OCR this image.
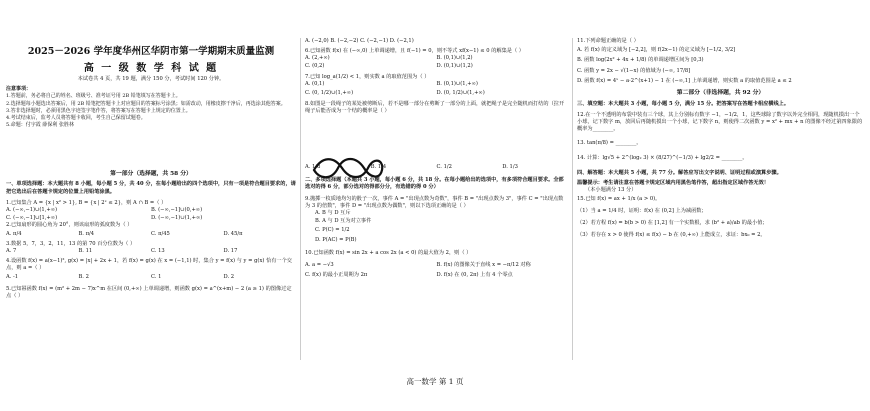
2025－2026 学年度华州区华阴市第一学期期末质量监测
高 一 级 数 学 科 试 题
本试卷共 4 页，共 19 题，满分 150 分，考试时间 120 分钟。
注意事项：
1.答题前，务必将自己的姓名、班级号、准考证号用 2B 铅笔填写在答题卡上。
2.选择题每小题选出答案后，用 2B 铅笔把答题卡上对应题目的答案标号涂黑；如需改动，用橡皮擦干净后，再选涂其他答案。
3.答非选择题时，必须用黑色字迹签字笔作答，将答案写在答题卡上规定的位置上。
4.考试结束后，监考人员将答题卡收回，考生自己保留试题卷。
5.命题：付宇霞 薛保利 张胜林
第一部分（选择题，共 58 分）
一、单项选择题：本大题共有 8 小题，每小题 5 分，共 40 分，在每小题给出的四个选项中，只有一项是符合题目要求的，请把它选出后在答题卡规定的位置上用铅笔涂黑。
1.已知集合 A = {x | x² > 1}, B = {x | 2ˣ ≤ 2}，则 A ∩ B =（ ）
A. (−∞,−1)∪(1,+∞)	B. (−∞,−1]∪(0,+∞)
C. (−∞,−1]∪[1,+∞)	D. (−∞,−1)∪(1,+∞)
2.已知扇形的圆心角为 20°，则该扇形的弧度数为（ ）
A. π/4	B. π/4	C. π/45	D. 45/π
3.数据 5，7，3，2，11，13 的第 70 百分位数为（ ）
A. 7	B. 11	C. 13	D. 17
4.设函数 f(x) = a(x−1)², g(x) = |x| + 2x + 1，若 f(x) = g(x) 在 x = (−1,1) 时，集合 y = f(x) 与 y = g(x) 恰有一个交点，则 a =（ ）
A. -1	B. 2	C. 1	D. 2
5.已知幂函数 f(x) = (m² + 2m − 7)x^m 在区间 (0,+∞) 上单调递增，则函数 g(x) = a^(x+m) − 2 (a ≥ 1) 的图像过定点（ ）
A. (−2,0) B. (−2,−2) C. (−2,−1) D. (−2,1)
6.已知函数 f(x) 在 (−∞,0) 上单调递增，且 f(−1) = 0，则不等式 xf(x−1) ≤ 0 的解集是（ ）
A. (2,+∞)	B. (0,1)∪(1,2)
C. (0,2)	D. (0,1)∪(1,2)
7.已知 log_a(1/2) < 1，则实数 a 的取值范围为（ ）
A. (0,1)	B. (0,1)∪(1,+∞)
C. (0, 1/2)∪(1,+∞)	D. (0, 1/2)∪(1,+∞)
8.如图是一段绳子的某处被剪断后，若不是哪一部分在剪断了一部分的上面，就把绳子是完全随机而打结的（拉开绳子后能否成为一个结的概率是（ ）
A. 1/8	B. 1/4	C. 1/2	D. 1/3
二、多项选择题（本题共 3 小题，每小题 6 分，共 18 分。在每小题给出的选项中，有多项符合题目要求。全部选对的得 6 分，部分选对的得部分分，有选错的得 0 分）
9.抛掷一枚质地均匀的骰子一次，事件 A = "出现点数为奇数"，事件 B = "出现点数为 3"，事件 C = "出现点数为 3 的倍数"，事件 D = "出现点数为偶数"，则以下选项正确的是（ ）
A. B 与 D 互斥
B. A 与 D 互为对立事件
C. P(C) = 1/2
D. P(AC) = P(B)
10.已知函数 f(x) = sin 2x + a cos 2x (a < 0) 的最大值为 2，则（ ）
A. a = −√3	B. f(x) 的图像关于直线 x = −π/12 对称
C. f(x) 的最小正周期为 2π	D. f(x) 在 (0, 2π) 上有 4 个零点
11.下列命题正确的是（ ）
A. 若 f(x) 的定义域为 [−2,2]，则 f(2x−1) 的定义域为 [−1/2, 3/2]
B. 函数 log(2x² + 4x + 1/8) 的单调递增区间为 [0,3)
C. 函数 y = 2x − √(1−x) 的值域为 (−∞, 17/8]
D. 函数 f(x) = 4ˣ − a·2^(x+1) − 1 在 (−∞,1] 上单调递增，则实数 a 的取值范围是 a ≤ 2
第二部分（非选择题，共 92 分）
三、填空题：本大题共 3 小题，每小题 5 分，满分 15 分。把答案写在答题卡相应横线上。
12.在一个不透明的布袋中装有三个球，其上分别标有数字 −1，−1/2，1，这些球除了数字以外完全相同，现随机摸出一个小球，记下数字 m，放回后再随机摸出一个小球，记下数字 n，则使得二次函数 y = x² + mx + n 的图像不经过第四象限的概率为________。
13. tan(π/8) = ________。
14. 计算：lg√5 + 2^(log₂ 3) × (8/27)^(−1/3) + lg2/2 = ________。
四、解答题：本大题共 5 小题，共 77 分。解答应写出文字说明、证明过程或演算步骤。
温馨提示：考生请注意在答题卡规定区域内用黑色笔作答，超出指定区域作答无效！
（本小题满分 13 分）
15.已知 f(x) = ax + 1/x (a > 0)。
（1）当 a = 1/4 时，证明：f(x) 在 (0,2] 上为减函数；
（2）若方程 f(x) = b(b > 0) 在 [1,2] 有一个实数根，求 (b² + a)/ab 的最小值；
（3）若存在 x > 0 使得 f(x) ≤ f(x) − b 在 (0,+∞) 上能成立，求证：bx₀ = 2。
高一数学 第 1 页
